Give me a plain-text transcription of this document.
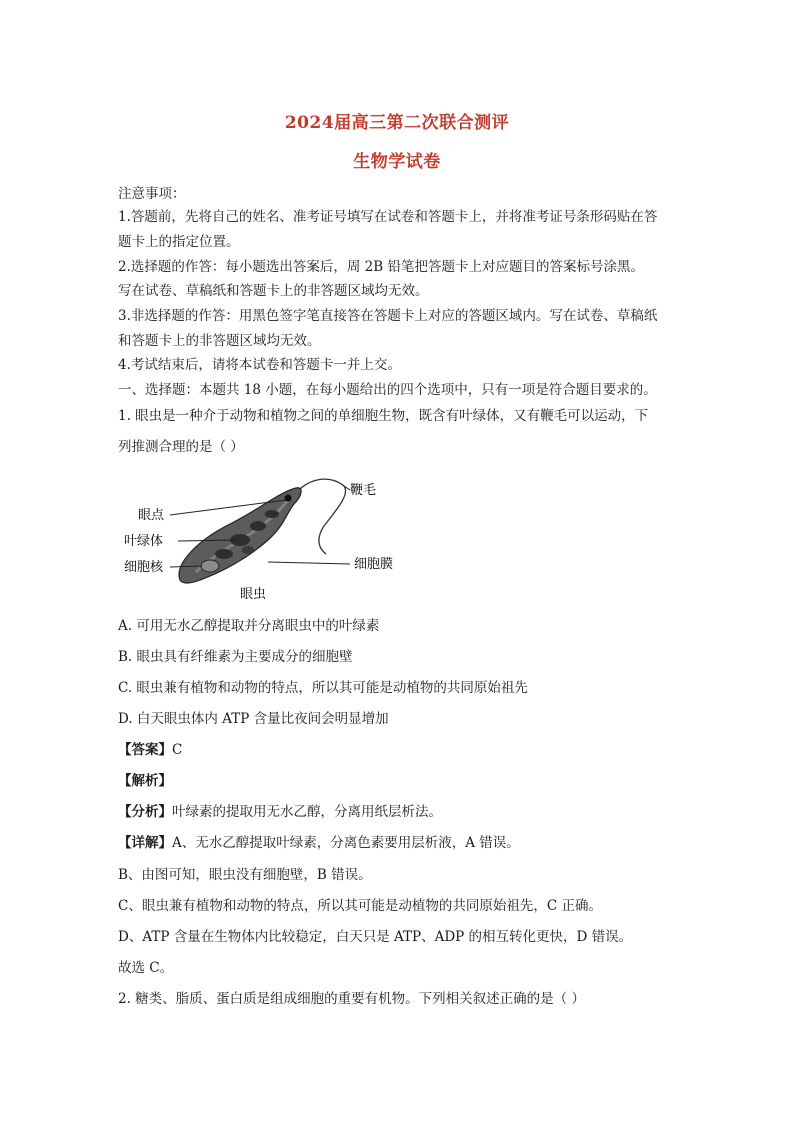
2024届高三第二次联合测评
生物学试卷
注意事项：
1.答题前，先将自己的姓名、准考证号填写在试卷和答题卡上，并将准考证号条形码贴在答
题卡上的指定位置。
2.选择题的作答：每小题选出答案后，周 2B 铅笔把答题卡上对应题目的答案标号涂黑。
写在试卷、草稿纸和答题卡上的非答题区域均无效。
3.非选择题的作答：用黑色签字笔直接答在答题卡上对应的答题区域内。写在试卷、草稿纸
和答题卡上的非答题区域均无效。
4.考试结束后，请将本试卷和答题卡一并上交。
一、选择题：本题共 18 小题，在每小题给出的四个选项中，只有一项是符合题目要求的。
1. 眼虫是一种介于动物和植物之间的单细胞生物，既含有叶绿体，又有鞭毛可以运动，下
列推测合理的是（ ）
鞭毛
眼点
叶绿体
细胞核	细胞膜
眼虫
A. 可用无水乙醇提取并分离眼虫中的叶绿素
B. 眼虫具有纤维素为主要成分的细胞壁
C. 眼虫兼有植物和动物的特点，所以其可能是动植物的共同原始祖先
D. 白天眼虫体内 ATP 含量比夜间会明显增加
【答案】C
【解析】
【分析】叶绿素的提取用无水乙醇，分离用纸层析法。
【详解】A、无水乙醇提取叶绿素，分离色素要用层析液，A 错误。
B、由图可知，眼虫没有细胞壁，B 错误。
C、眼虫兼有植物和动物的特点，所以其可能是动植物的共同原始祖先，C 正确。
D、ATP 含量在生物体内比较稳定，白天只是 ATP、ADP 的相互转化更快，D 错误。
故选 C。
2. 糖类、脂质、蛋白质是组成细胞的重要有机物。下列相关叙述正确的是（ ）
